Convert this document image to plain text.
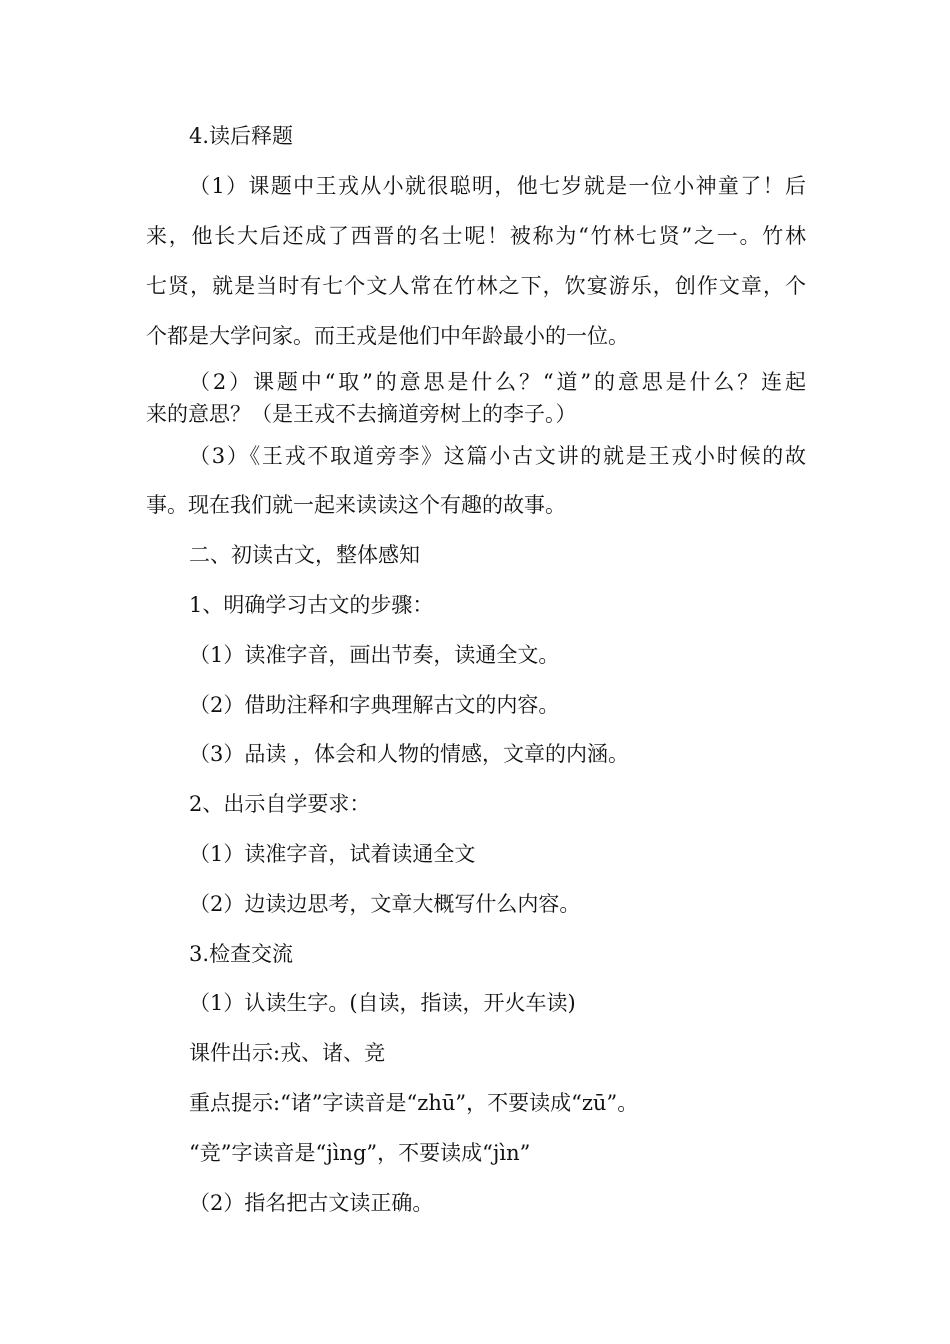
4.读后释题
（1）课题中王戎从小就很聪明，他七岁就是一位小神童了！后
来，他长大后还成了西晋的名士呢！被称为“竹林七贤”之一。竹林
七贤，就是当时有七个文人常在竹林之下，饮宴游乐，创作文章，个
个都是大学问家。而王戎是他们中年龄最小的一位。
（2）课题中“取”的意思是什么？“道”的意思是什么？连起
来的意思？（是王戎不去摘道旁树上的李子。）
（3）《王戎不取道旁李》这篇小古文讲的就是王戎小时候的故
事。现在我们就一起来读读这个有趣的故事。
二、初读古文，整体感知
1、明确学习古文的步骤：
（1）读准字音，画出节奏，读通全文。
（2）借助注释和字典理解古文的内容。
（3）品读 ，体会和人物的情感，文章的内涵。
2、出示自学要求：
（1）读准字音，试着读通全文
（2）边读边思考，文章大概写什么内容。
3.检查交流
（1）认读生字。(自读，指读，开火车读)
课件出示:戎、诸、竞
重点提示:“诸”字读音是“zhū”，不要读成“zū”。
“竞”字读音是“jìng”，不要读成“jìn”
（2）指名把古文读正确。
